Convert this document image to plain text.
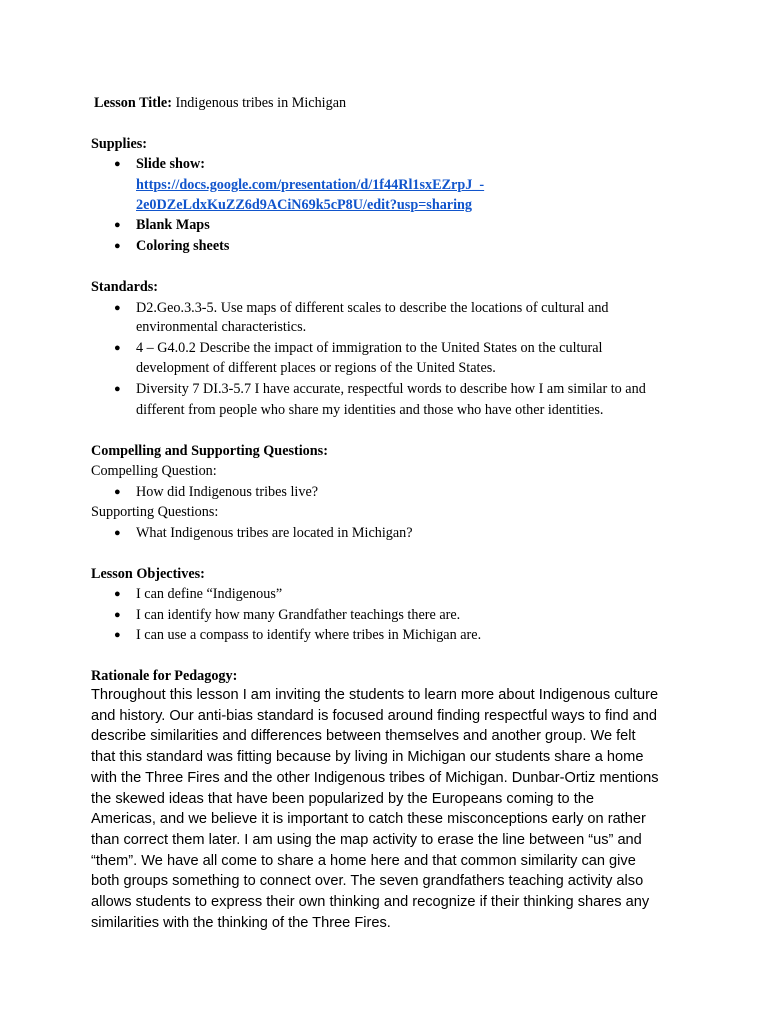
Lesson Title: Indigenous tribes in Michigan
Supplies:
● Slide show:
https://docs.google.com/presentation/d/1f44Rl1sxEZrpJ_-
2e0DZeLdxKuZZ6d9ACiN69k5cP8U/edit?usp=sharing
● Blank Maps
● Coloring sheets
Standards:
● D2.Geo.3.3-5. Use maps of different scales to describe the locations of cultural and
environmental characteristics.
● 4 – G4.0.2 Describe the impact of immigration to the United States on the cultural
development of different places or regions of the United States.
● Diversity 7 DI.3-5.7 I have accurate, respectful words to describe how I am similar to and
different from people who share my identities and those who have other identities.
Compelling and Supporting Questions:
Compelling Question:
● How did Indigenous tribes live?
Supporting Questions:
● What Indigenous tribes are located in Michigan?
Lesson Objectives:
● I can define “Indigenous”
● I can identify how many Grandfather teachings there are.
● I can use a compass to identify where tribes in Michigan are.
Rationale for Pedagogy:
Throughout this lesson I am inviting the students to learn more about Indigenous culture
and history. Our anti-bias standard is focused around finding respectful ways to find and
describe similarities and differences between themselves and another group. We felt
that this standard was fitting because by living in Michigan our students share a home
with the Three Fires and the other Indigenous tribes of Michigan. Dunbar-Ortiz mentions
the skewed ideas that have been popularized by the Europeans coming to the
Americas, and we believe it is important to catch these misconceptions early on rather
than correct them later. I am using the map activity to erase the line between “us” and
“them”. We have all come to share a home here and that common similarity can give
both groups something to connect over. The seven grandfathers teaching activity also
allows students to express their own thinking and recognize if their thinking shares any
similarities with the thinking of the Three Fires.
